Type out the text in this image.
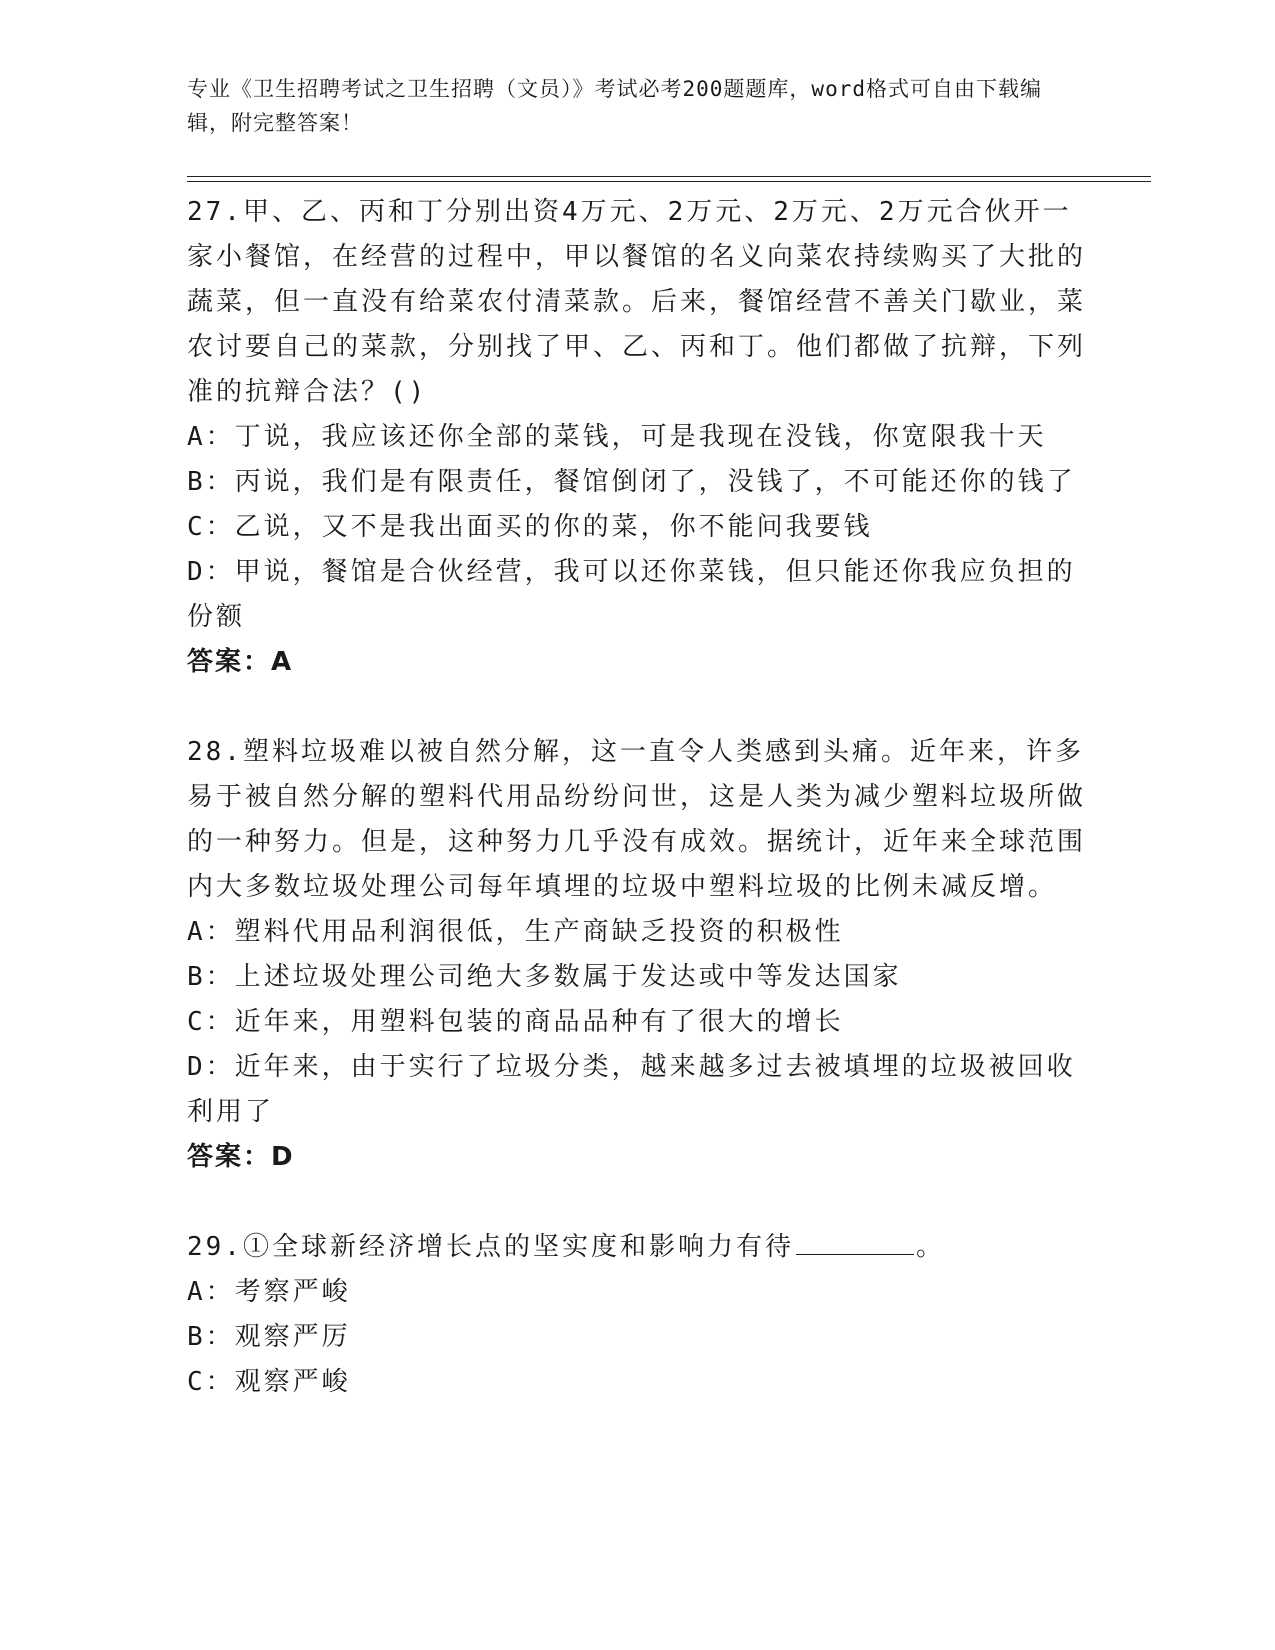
专业《卫生招聘考试之卫生招聘（文员）》考试必考200题题库，word格式可自由下载编辑，附完整答案！

27.甲、乙、丙和丁分别出资4万元、2万元、2万元、2万元合伙开一家小餐馆，在经营的过程中，甲以餐馆的名义向菜农持续购买了大批的蔬菜，但一直没有给菜农付清菜款。后来，餐馆经营不善关门歇业，菜农讨要自己的菜款，分别找了甲、乙、丙和丁。他们都做了抗辩，下列准的抗辩合法？()

A：丁说，我应该还你全部的菜钱，可是我现在没钱，你宽限我十天

B：丙说，我们是有限责任，餐馆倒闭了，没钱了，不可能还你的钱了

C：乙说，又不是我出面买的你的菜，你不能问我要钱

D：甲说，餐馆是合伙经营，我可以还你菜钱，但只能还你我应负担的份额

答案：A

28.塑料垃圾难以被自然分解，这一直令人类感到头痛。近年来，许多易于被自然分解的塑料代用品纷纷问世，这是人类为减少塑料垃圾所做的一种努力。但是，这种努力几乎没有成效。据统计，近年来全球范围内大多数垃圾处理公司每年填埋的垃圾中塑料垃圾的比例未减反增。

A：塑料代用品利润很低，生产商缺乏投资的积极性

B：上述垃圾处理公司绝大多数属于发达或中等发达国家

C：近年来，用塑料包装的商品品种有了很大的增长

D：近年来，由于实行了垃圾分类，越来越多过去被填埋的垃圾被回收利用了

答案：D

29.①全球新经济增长点的坚实度和影响力有待	。

A：考察严峻

B：观察严厉

C：观察严峻
